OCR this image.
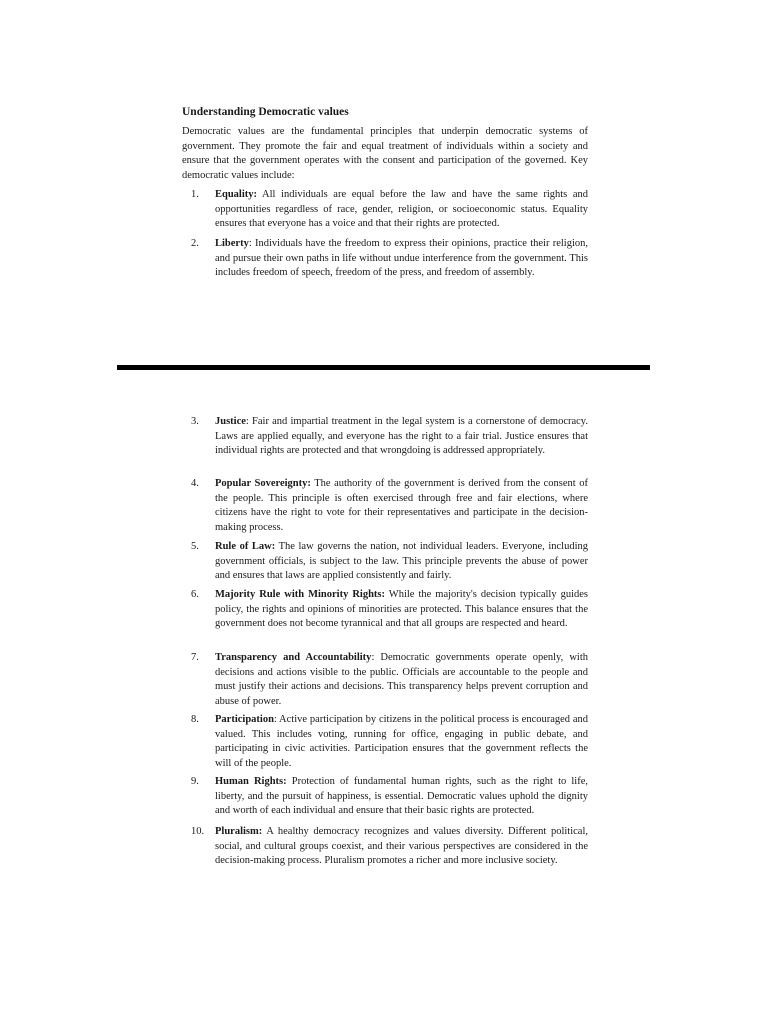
Understanding Democratic values

Democratic values are the fundamental principles that underpin democratic systems of government. They promote the fair and equal treatment of individuals within a society and ensure that the government operates with the consent and participation of the governed. Key democratic values include:

1.	Equality: All individuals are equal before the law and have the same rights and opportunities regardless of race, gender, religion, or socioeconomic status. Equality ensures that everyone has a voice and that their rights are protected.
2.	Liberty: Individuals have the freedom to express their opinions, practice their religion, and pursue their own paths in life without undue interference from the government. This includes freedom of speech, freedom of the press, and freedom of assembly.
3.	Justice: Fair and impartial treatment in the legal system is a cornerstone of democracy. Laws are applied equally, and everyone has the right to a fair trial. Justice ensures that individual rights are protected and that wrongdoing is addressed appropriately.
4.	Popular Sovereignty: The authority of the government is derived from the consent of the people. This principle is often exercised through free and fair elections, where citizens have the right to vote for their representatives and participate in the decision-making process.
5.	Rule of Law: The law governs the nation, not individual leaders. Everyone, including government officials, is subject to the law. This principle prevents the abuse of power and ensures that laws are applied consistently and fairly.
6.	Majority Rule with Minority Rights: While the majority's decision typically guides policy, the rights and opinions of minorities are protected. This balance ensures that the government does not become tyrannical and that all groups are respected and heard.
7.	Transparency and Accountability: Democratic governments operate openly, with decisions and actions visible to the public. Officials are accountable to the people and must justify their actions and decisions. This transparency helps prevent corruption and abuse of power.
8.	Participation: Active participation by citizens in the political process is encouraged and valued. This includes voting, running for office, engaging in public debate, and participating in civic activities. Participation ensures that the government reflects the will of the people.
9.	Human Rights: Protection of fundamental human rights, such as the right to life, liberty, and the pursuit of happiness, is essential. Democratic values uphold the dignity and worth of each individual and ensure that their basic rights are protected.
10.	Pluralism: A healthy democracy recognizes and values diversity. Different political, social, and cultural groups coexist, and their various perspectives are considered in the decision-making process. Pluralism promotes a richer and more inclusive society.
